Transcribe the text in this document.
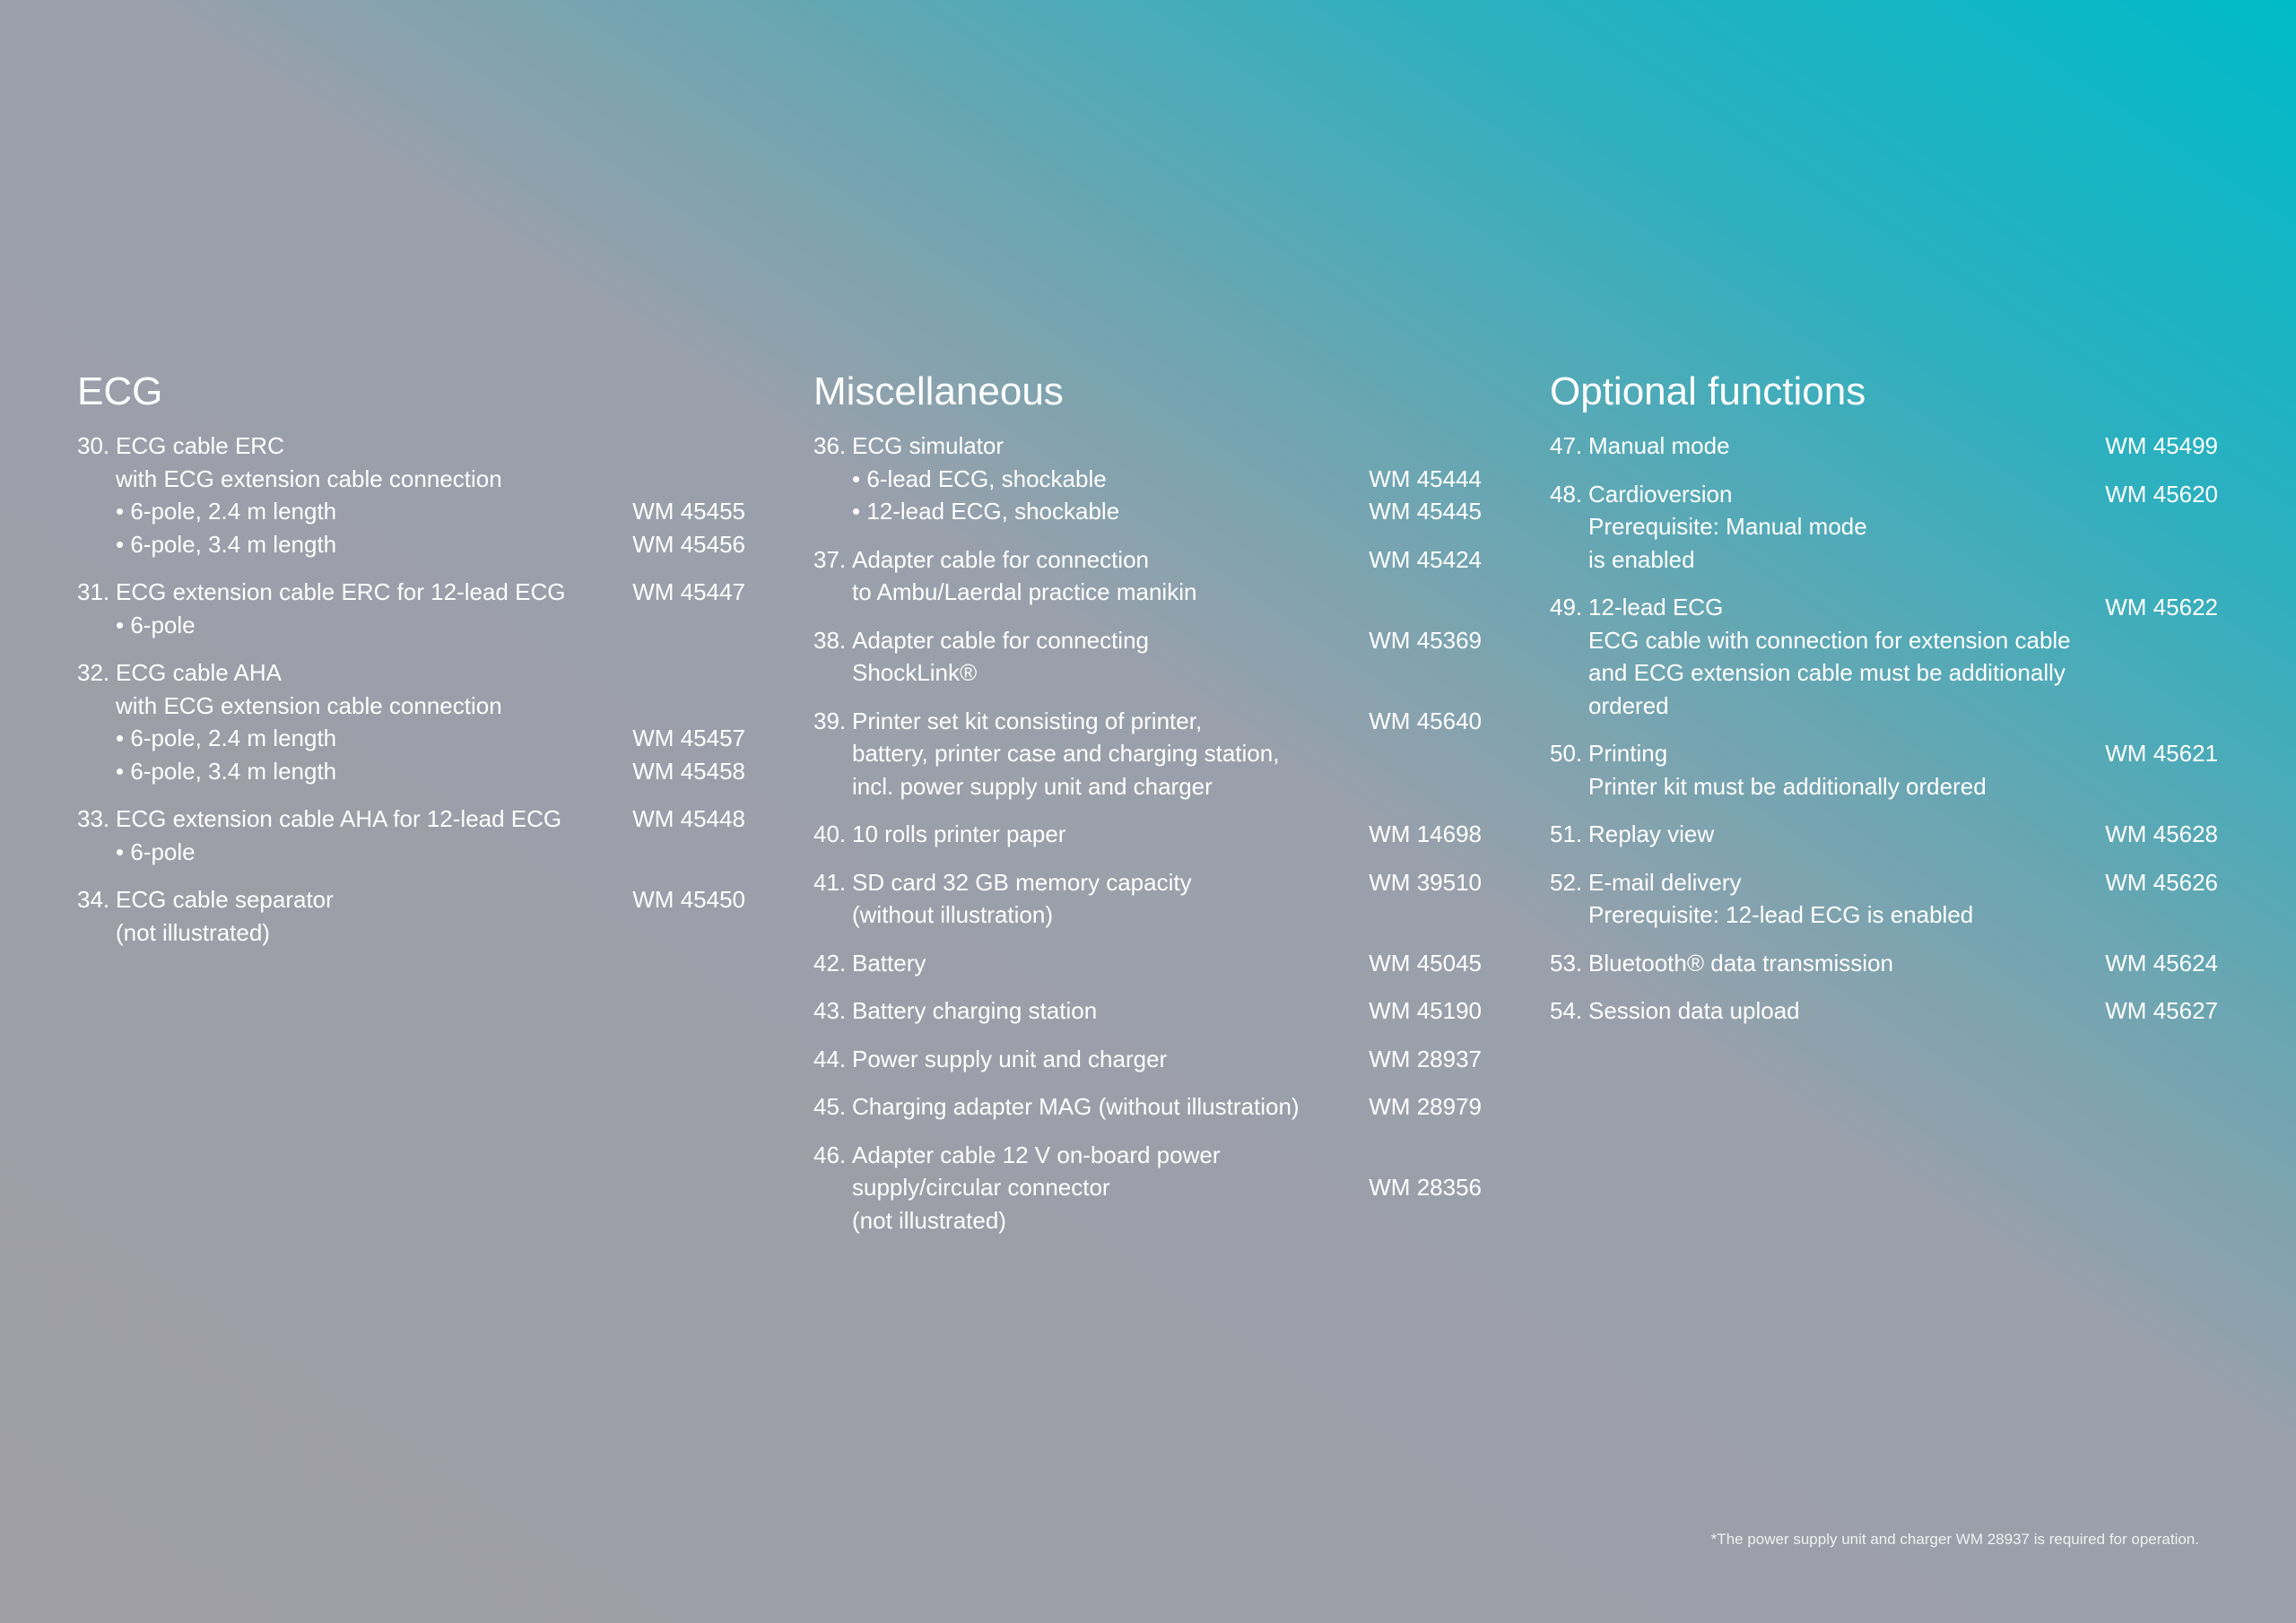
ECG
30. ECG cable ERC
with ECG extension cable connection
• 6-pole, 2.4 m length	WM 45455
• 6-pole, 3.4 m length	WM 45456
31. ECG extension cable ERC for 12-lead ECG	WM 45447
• 6-pole
32. ECG cable AHA
with ECG extension cable connection
• 6-pole, 2.4 m length	WM 45457
• 6-pole, 3.4 m length	WM 45458
33. ECG extension cable AHA for 12-lead ECG	WM 45448
• 6-pole
34. ECG cable separator	WM 45450
(not illustrated)
Miscellaneous
36. ECG simulator
• 6-lead ECG, shockable	WM 45444
• 12-lead ECG, shockable	WM 45445
37. Adapter cable for connection	WM 45424
to Ambu/Laerdal practice manikin
38. Adapter cable for connecting	WM 45369
ShockLink®
39. Printer set kit consisting of printer,	WM 45640
battery, printer case and charging station,
incl. power supply unit and charger
40. 10 rolls printer paper	WM 14698
41. SD card 32 GB memory capacity	WM 39510
(without illustration)
42. Battery	WM 45045
43. Battery charging station	WM 45190
44. Power supply unit and charger	WM 28937
45. Charging adapter MAG (without illustration)	WM 28979
46. Adapter cable 12 V on-board power
supply/circular connector	WM 28356
(not illustrated)
Optional functions
47. Manual mode	WM 45499
48. Cardioversion	WM 45620
Prerequisite: Manual mode
is enabled
49. 12-lead ECG	WM 45622
ECG cable with connection for extension cable
and ECG extension cable must be additionally
ordered
50. Printing	WM 45621
Printer kit must be additionally ordered
51. Replay view	WM 45628
52. E-mail delivery	WM 45626
Prerequisite: 12-lead ECG is enabled
53. Bluetooth® data transmission	WM 45624
54. Session data upload	WM 45627
*The power supply unit and charger WM 28937 is required for operation.
